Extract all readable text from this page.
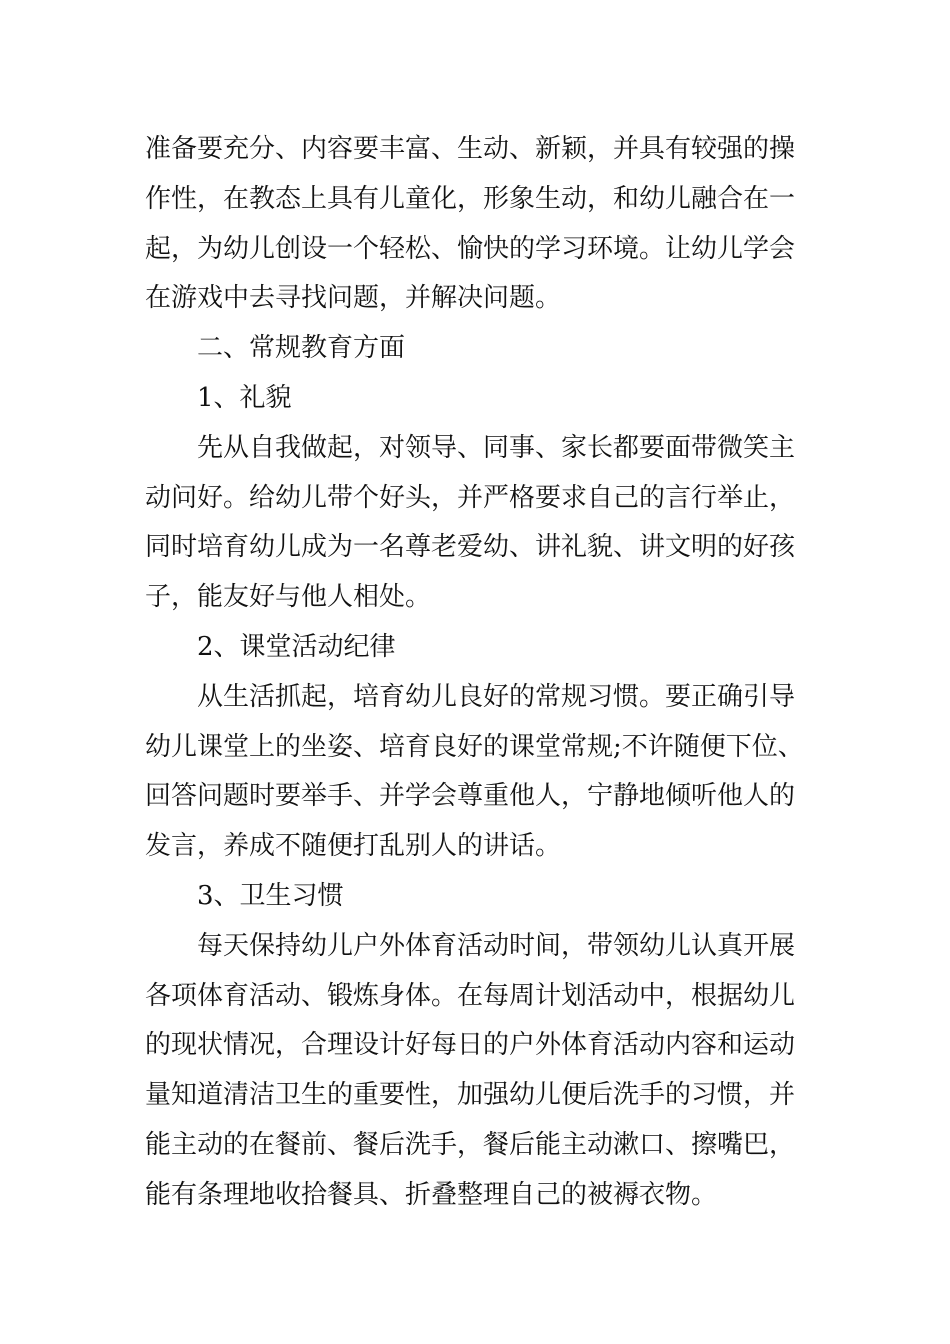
准备要充分、内容要丰富、生动、新颖，并具有较强的操
作性，在教态上具有儿童化，形象生动，和幼儿融合在一
起，为幼儿创设一个轻松、愉快的学习环境。让幼儿学会
在游戏中去寻找问题，并解决问题。

二、常规教育方面

1、礼貌

先从自我做起，对领导、同事、家长都要面带微笑主
动问好。给幼儿带个好头，并严格要求自己的言行举止，
同时培育幼儿成为一名尊老爱幼、讲礼貌、讲文明的好孩
子，能友好与他人相处。

2、课堂活动纪律

从生活抓起，培育幼儿良好的常规习惯。要正确引导
幼儿课堂上的坐姿、培育良好的课堂常规;不许随便下位、
回答问题时要举手、并学会尊重他人，宁静地倾听他人的
发言，养成不随便打乱别人的讲话。

3、卫生习惯

每天保持幼儿户外体育活动时间，带领幼儿认真开展
各项体育活动、锻炼身体。在每周计划活动中，根据幼儿
的现状情况，合理设计好每日的户外体育活动内容和运动
量知道清洁卫生的重要性，加强幼儿便后洗手的习惯，并
能主动的在餐前、餐后洗手，餐后能主动漱口、擦嘴巴，
能有条理地收拾餐具、折叠整理自己的被褥衣物。
